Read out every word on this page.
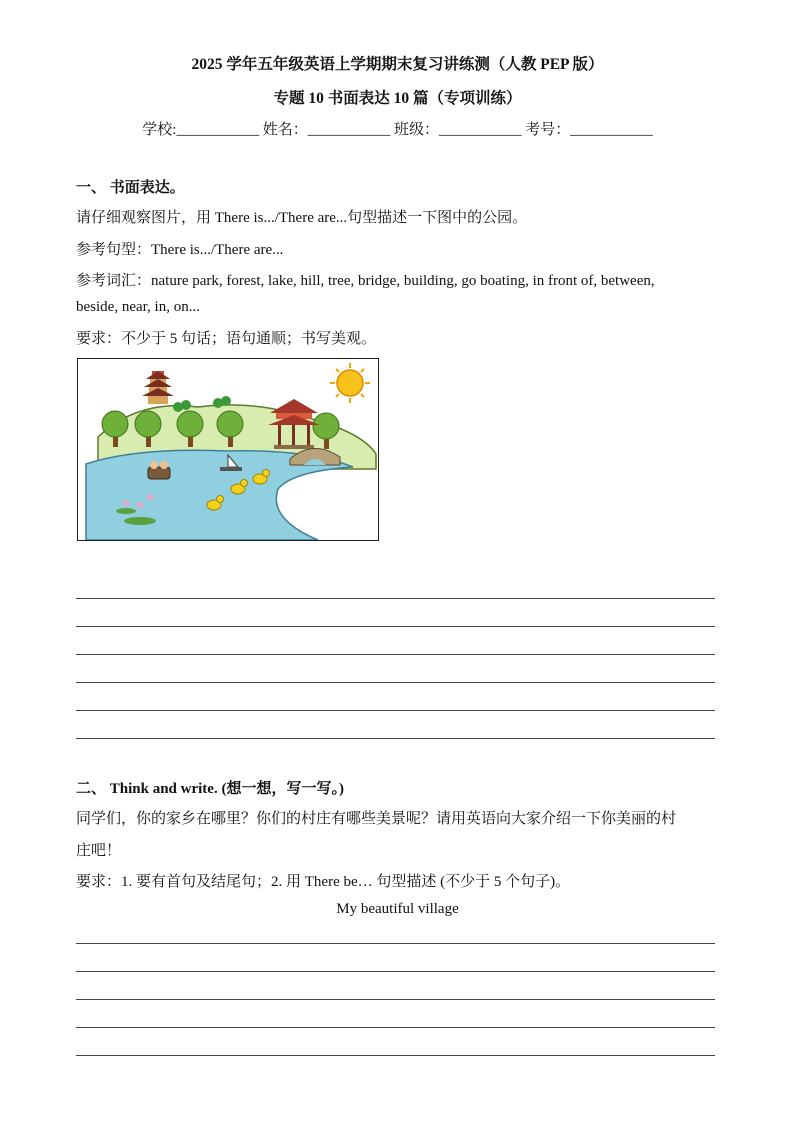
2025 学年五年级英语上学期期末复习讲练测（人教 PEP 版）
专题 10 书面表达 10 篇（专项训练）
学校:___________ 姓名：___________ 班级：___________ 考号：___________
一、 书面表达。
请仔细观察图片，用 There is.../There are...句型描述一下图中的公园。
参考句型：There is.../There are...
参考词汇：nature park, forest, lake, hill, tree, bridge, building, go boating, in front of, between,
beside, near, in, on...
要求：不少于 5 句话；语句通顺；书写美观。
二、 Think and write. (想一想，写一写。)
同学们，你的家乡在哪里？你们的村庄有哪些美景呢？请用英语向大家介绍一下你美丽的村
庄吧！
要求：1. 要有首句及结尾句；2. 用 There be… 句型描述 (不少于 5 个句子)。
My beautiful village
